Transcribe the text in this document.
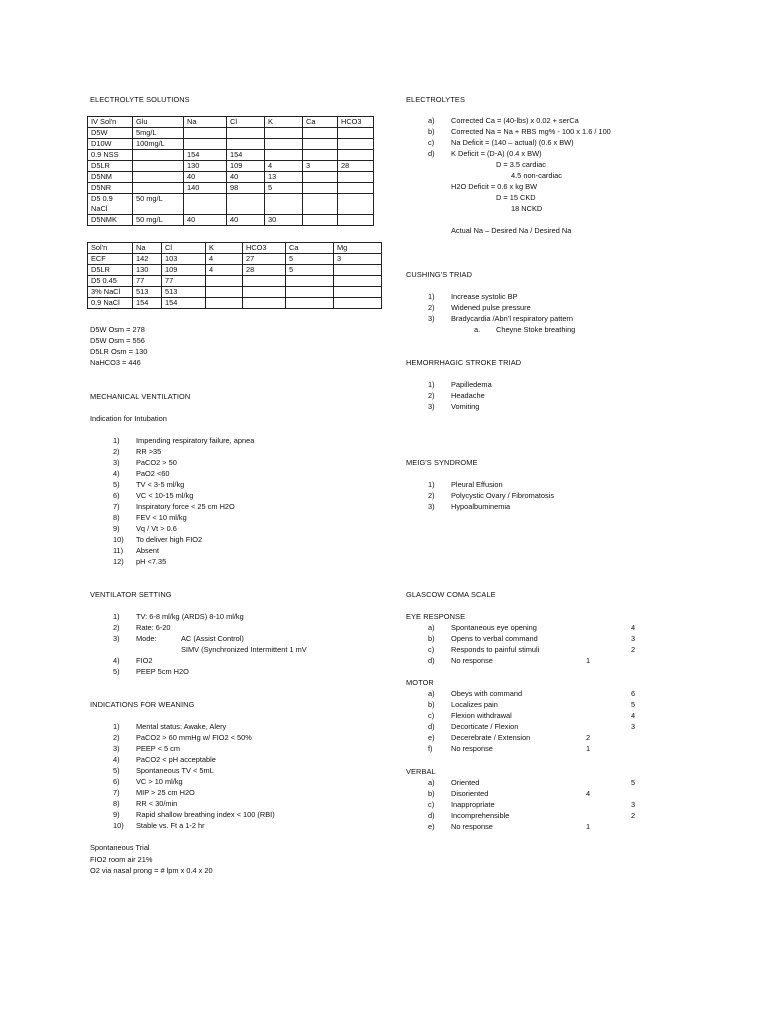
ELECTROLYTE SOLUTIONS
IV Sol'n	Glu	Na	Cl	K	Ca	HCO3
D5W	5mg/L					
D10W	100mg/L					
0.9 NSS		154	154			
D5LR		130	109	4	3	28
D5NM		40	40	13		
D5NR		140	98	5		
D5 0.9 NaCl	50 mg/L					
D5NMK	50 mg/L	40	40	30		
Sol'n	Na	Cl	K	HCO3	Ca	Mg
ECF	142	103	4	27	5	3
D5LR	130	109	4	28	5	
D5 0.45	77	77				
3% NaCl	513	513				
0.9 NaCl	154	154				
D5W Osm = 278
D5W Osm = 556
D5LR Osm = 130
NaHCO3 = 446
MECHANICAL VENTILATION
Indication for Intubation
1) Impending respiratory failure, apnea
2) RR >35
3) PaCO2 > 50
4) PaO2 <60
5) TV < 3-5 ml/kg
6) VC < 10-15 ml/kg
7) Inspiratory force < 25 cm H2O
8) FEV < 10 ml/kg
9) Vq / Vt > 0.6
10) To deliver high FIO2
11) Absent
12) pH <7.35
VENTILATOR SETTING
1) TV: 6-8 ml/kg (ARDS) 8-10 ml/kg
2) Rate: 6-20
3) Mode:
4) FIO2
5) PEEP 5cm H2O
AC (Assist Control)
SIMV (Synchronized Intermittent 1 mV
INDICATIONS FOR WEANING
1) Mental status: Awake, Alery
2) PaCO2 > 60 mmHg w/ FIO2 < 50%
3) PEEP < 5 cm
4) PaCO2 < pH acceptable
5) Spontaneous TV < 5mL
6) VC > 10 ml/kg
7) MIP > 25 cm H2O
8) RR < 30/min
9) Rapid shallow breathing index < 100 (RBI)
10) Stable vs. Ft a 1-2 hr
Spontaneous Trial
FIO2 room air 21%
O2 via nasal prong = # lpm x 0.4 x 20
ELECTROLYTES
a) Corrected Ca = (40-lbs) x 0.02 + serCa
b) Corrected Na = Na + RBS mg% - 100 x 1.6 / 100
c) Na Deficit = (140 – actual) (0.6 x BW)
d) K Deficit = (D-A) (0.4 x BW)
D = 3.5 cardiac
4.5 non-cardiac
H2O Deficit = 0.6 x kg BW
D = 15 CKD
18 NCKD
Actual Na – Desired Na / Desired Na
CUSHING'S TRIAD
1) Increase systolic BP
2) Widened pulse pressure
3) Bradycardia /Abn’l respiratory pattern
a. Cheyne Stoke breathing
HEMORRHAGIC STROKE TRIAD
1) Papilledema
2) Headache
3) Vomiting
MEIG'S SYNDROME
1) Pleural Effusion
2) Polycystic Ovary / Fibromatosis
3) Hypoalbuminemia
GLASCOW COMA SCALE
EYE RESPONSE
a) Spontaneous eye opening	4
b) Opens to verbal command	3
c) Responds to painful stimuli	2
d) No response	1
MOTOR
a) Obeys with command	6
b) Localizes pain	5
c) Flexion withdrawal	4
d) Decorticate / Flexion	3
e) Decerebrate / Extension	2
f) No response	1
VERBAL
a) Oriented	5
b) Disoriented	4
c) Inappropriate	3
d) Incomprehensible	2
e) No response	1
